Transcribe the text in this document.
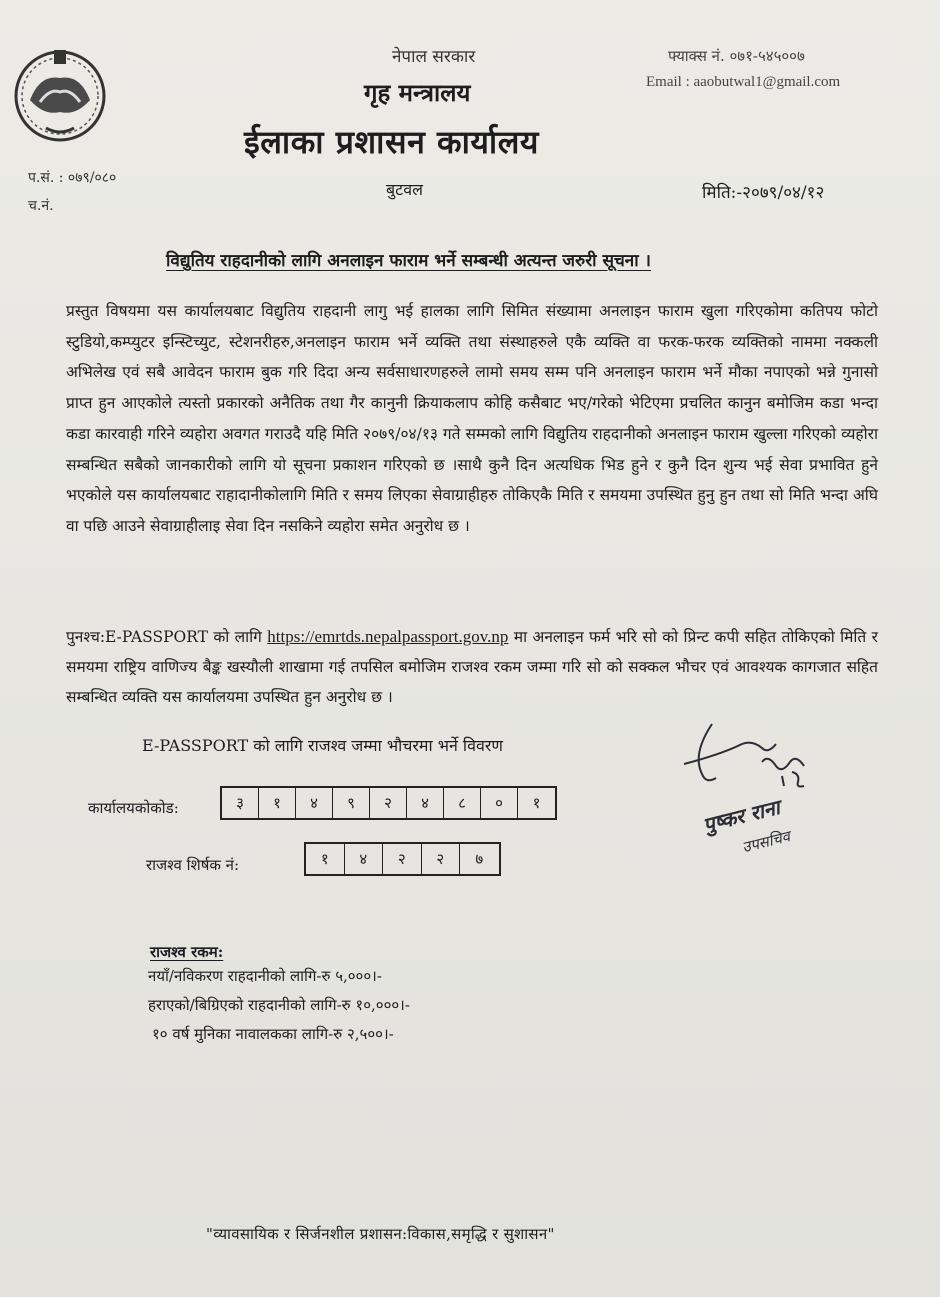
नेपाल सरकार
गृह मन्त्रालय
ईलाका प्रशासन कार्यालय
बुटवल
फ्याक्स नं. ०७१-५४५००७
Email : aaobutwal1@gmail.com
प.सं. : ०७९/०८०
च.नं.
मिति:-२०७९/०४/१२
विद्युतिय राहदानीको लागि अनलाइन फाराम भर्ने सम्बन्धी अत्यन्त जरुरी सूचना ।
प्रस्तुत विषयमा यस कार्यालयबाट विद्युतिय राहदानी लागु भई हालका लागि सिमित संख्यामा अनलाइन फाराम खुला गरिएकोमा कतिपय फोटो स्टुडियो,कम्प्युटर इन्स्टिच्युट, स्टेशनरीहरु,अनलाइन फाराम भर्ने व्यक्ति तथा संस्थाहरुले एकै व्यक्ति वा फरक-फरक व्यक्तिको नाममा नक्कली अभिलेख एवं सबै आवेदन फाराम बुक गरि दिदा अन्य सर्वसाधारणहरुले लामो समय सम्म पनि अनलाइन फाराम भर्ने मौका नपाएको भन्ने गुनासो प्राप्त हुन आएकोले त्यस्तो प्रकारको अनैतिक तथा गैर कानुनी क्रियाकलाप कोहि कसैबाट भए/गरेको भेटिएमा प्रचलित कानुन बमोजिम कडा भन्दा कडा कारवाही गरिने व्यहोरा अवगत गराउदै यहि मिति २०७९/०४/१३ गते सम्मको लागि विद्युतिय राहदानीको अनलाइन फाराम खुल्ला गरिएको व्यहोरा सम्बन्धित सबैको जानकारीको लागि यो सूचना प्रकाशन गरिएको छ ।साथै कुनै दिन अत्यधिक भिड हुने र कुनै दिन शुन्य भई सेवा प्रभावित हुने भएकोले यस कार्यालयबाट राहादानीकोलागि मिति र समय लिएका सेवाग्राहीहरु तोकिएकै मिति र समयमा उपस्थित हुनु हुन तथा सो मिति भन्दा अघि वा पछि आउने सेवाग्राहीलाइ सेवा दिन नसकिने व्यहोरा समेत अनुरोध छ ।
पुनश्च:E-PASSPORT को लागि https://emrtds.nepalpassport.gov.np मा अनलाइन फर्म भरि सो को प्रिन्ट कपी सहित तोकिएको मिति र समयमा राष्ट्रिय वाणिज्य बैङ्क खस्यौली शाखामा गई तपसिल बमोजिम राजश्व रकम जम्मा गरि सो को सक्कल भौचर एवं आवश्यक कागजात सहित सम्बन्धित व्यक्ति यस कार्यालयमा उपस्थित हुन अनुरोध छ ।
E-PASSPORT को लागि राजश्व जम्मा भौचरमा भर्ने विवरण
कार्यालयकोकोड:	३	१	४	९	२	४	८	०	१
राजश्व शिर्षक नं:	१	४	२	२	७
पुष्कर राना
उपसचिव
राजश्व रकम:
नयाँ/नविकरण राहदानीको लागि-रु ५,०००।-
हराएको/बिग्रिएको राहदानीको लागि-रु १०,०००।-
१० वर्ष मुनिका नावालकका लागि-रु २,५००।-
"व्यावसायिक र सिर्जनशील प्रशासन:विकास,समृद्धि र सुशासन"
